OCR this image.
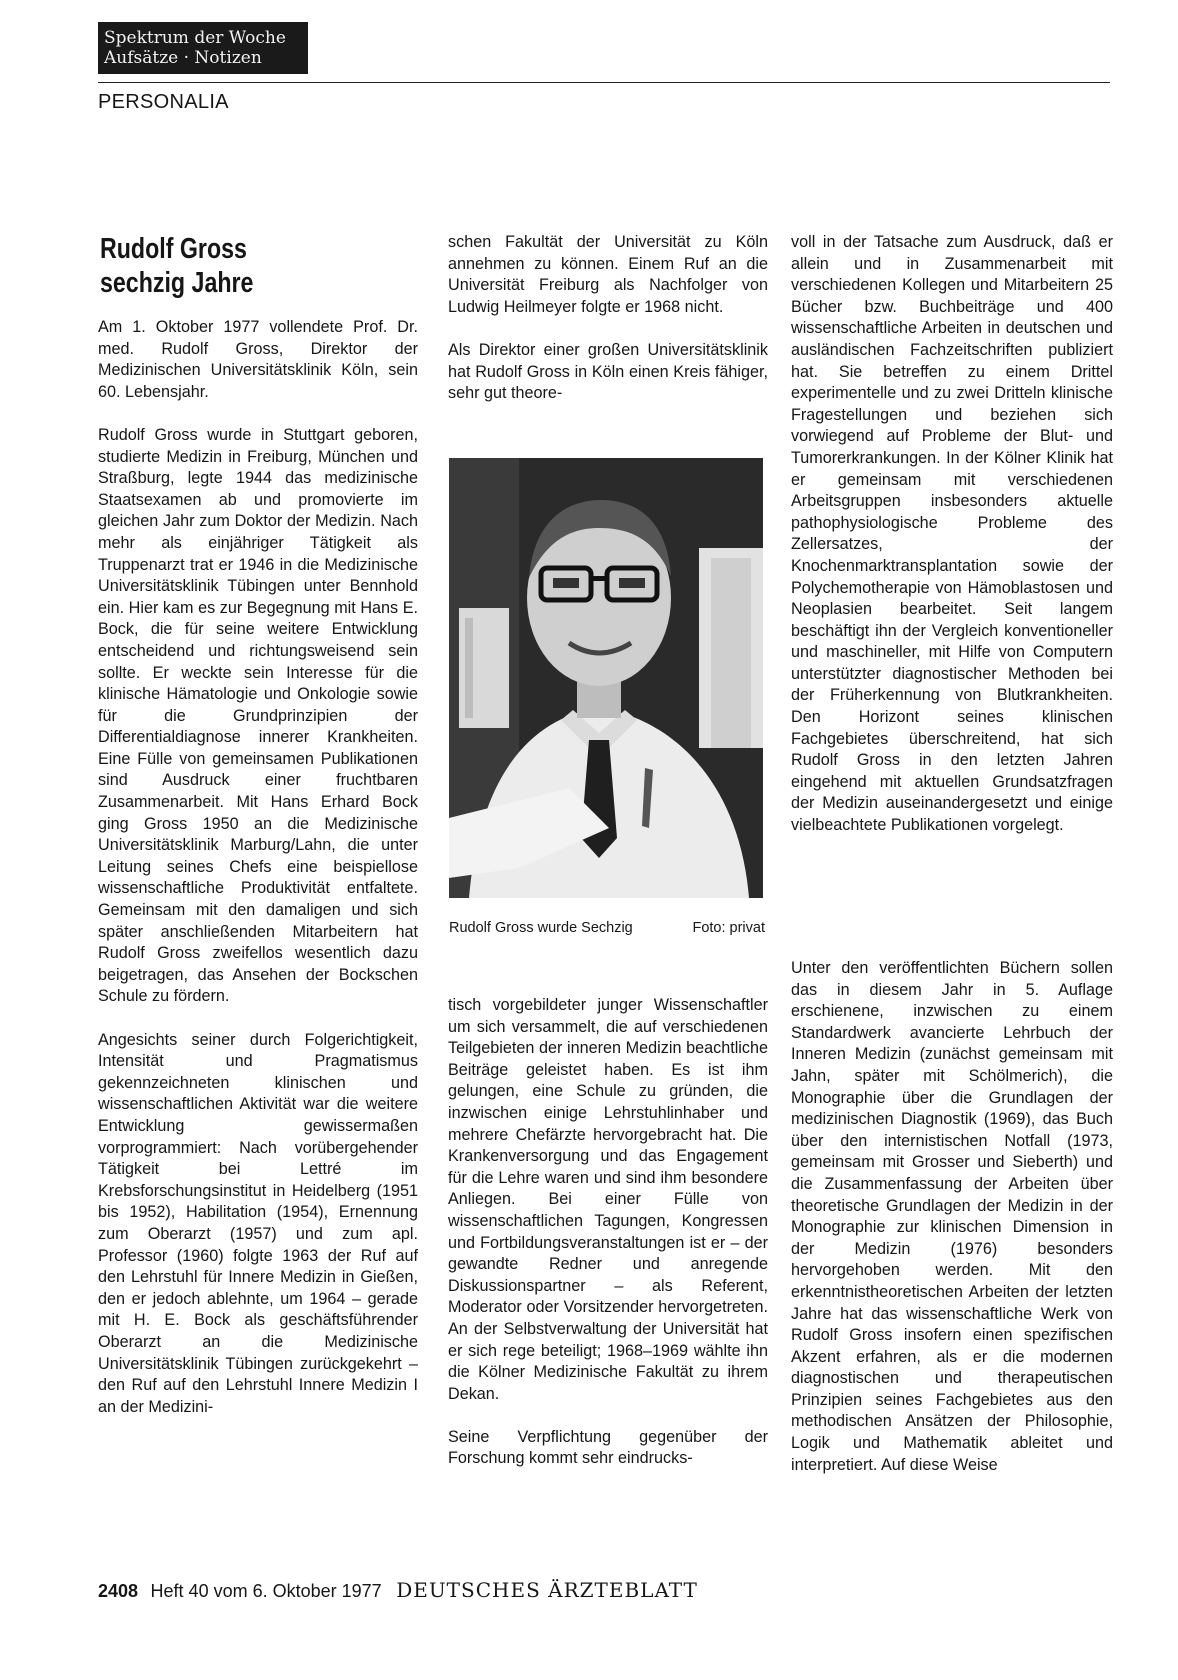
Spektrum der Woche
Aufsätze · Notizen
PERSONALIA
Rudolf Gross
sechzig Jahre

Am 1. Oktober 1977 vollendete Prof. Dr. med. Rudolf Gross, Direktor der Medizinischen Universitätsklinik Köln, sein 60. Lebensjahr.

Rudolf Gross wurde in Stuttgart geboren, studierte Medizin in Freiburg, München und Straßburg, legte 1944 das medizinische Staatsexamen ab und promovierte im gleichen Jahr zum Doktor der Medizin. Nach mehr als einjähriger Tätigkeit als Truppenarzt trat er 1946 in die Medizinische Universitätsklinik Tübingen unter Bennhold ein. Hier kam es zur Begegnung mit Hans E. Bock, die für seine weitere Entwicklung entscheidend und richtungsweisend sein sollte. Er weckte sein Interesse für die klinische Hämatologie und Onkologie sowie für die Grundprinzipien der Differentialdiagnose innerer Krankheiten. Eine Fülle von gemeinsamen Publikationen sind Ausdruck einer fruchtbaren Zusammenarbeit. Mit Hans Erhard Bock ging Gross 1950 an die Medizinische Universitätsklinik Marburg/Lahn, die unter Leitung seines Chefs eine beispiellose wissenschaftliche Produktivität entfaltete. Gemeinsam mit den damaligen und sich später anschließenden Mitarbeitern hat Rudolf Gross zweifellos wesentlich dazu beigetragen, das Ansehen der Bockschen Schule zu fördern.

Angesichts seiner durch Folgerichtigkeit, Intensität und Pragmatismus gekennzeichneten klinischen und wissenschaftlichen Aktivität war die weitere Entwicklung gewissermaßen vorprogrammiert: Nach vorübergehender Tätigkeit bei Lettré im Krebsforschungsinstitut in Heidelberg (1951 bis 1952), Habilitation (1954), Ernennung zum Oberarzt (1957) und zum apl. Professor (1960) folgte 1963 der Ruf auf den Lehrstuhl für Innere Medizin in Gießen, den er jedoch ablehnte, um 1964 – gerade mit H. E. Bock als geschäftsführender Oberarzt an die Medizinische Universitätsklinik Tübingen zurückgekehrt – den Ruf auf den Lehrstuhl Innere Medizin I an der Medizini-

schen Fakultät der Universität zu Köln annehmen zu können. Einem Ruf an die Universität Freiburg als Nachfolger von Ludwig Heilmeyer folgte er 1968 nicht.

Als Direktor einer großen Universitätsklinik hat Rudolf Gross in Köln einen Kreis fähiger, sehr gut theore-

Rudolf Gross wurde Sechzig	Foto: privat

tisch vorgebildeter junger Wissenschaftler um sich versammelt, die auf verschiedenen Teilgebieten der inneren Medizin beachtliche Beiträge geleistet haben. Es ist ihm gelungen, eine Schule zu gründen, die inzwischen einige Lehrstuhlinhaber und mehrere Chefärzte hervorgebracht hat. Die Krankenversorgung und das Engagement für die Lehre waren und sind ihm besondere Anliegen. Bei einer Fülle von wissenschaftlichen Tagungen, Kongressen und Fortbildungsveranstaltungen ist er – der gewandte Redner und anregende Diskussionspartner – als Referent, Moderator oder Vorsitzender hervorgetreten. An der Selbstverwaltung der Universität hat er sich rege beteiligt; 1968–1969 wählte ihn die Kölner Medizinische Fakultät zu ihrem Dekan.

Seine Verpflichtung gegenüber der Forschung kommt sehr eindrucks-

voll in der Tatsache zum Ausdruck, daß er allein und in Zusammenarbeit mit verschiedenen Kollegen und Mitarbeitern 25 Bücher bzw. Buchbeiträge und 400 wissenschaftliche Arbeiten in deutschen und ausländischen Fachzeitschriften publiziert hat. Sie betreffen zu einem Drittel experimentelle und zu zwei Dritteln klinische Fragestellungen und beziehen sich vorwiegend auf Probleme der Blut- und Tumorerkrankungen. In der Kölner Klinik hat er gemeinsam mit verschiedenen Arbeitsgruppen insbesonders aktuelle pathophysiologische Probleme des Zellersatzes, der Knochenmarktransplantation sowie der Polychemotherapie von Hämoblastosen und Neoplasien bearbeitet. Seit langem beschäftigt ihn der Vergleich konventioneller und maschineller, mit Hilfe von Computern unterstützter diagnostischer Methoden bei der Früherkennung von Blutkrankheiten. Den Horizont seines klinischen Fachgebietes überschreitend, hat sich Rudolf Gross in den letzten Jahren eingehend mit aktuellen Grundsatzfragen der Medizin auseinandergesetzt und einige vielbeachtete Publikationen vorgelegt.

Unter den veröffentlichten Büchern sollen das in diesem Jahr in 5. Auflage erschienene, inzwischen zu einem Standardwerk avancierte Lehrbuch der Inneren Medizin (zunächst gemeinsam mit Jahn, später mit Schölmerich), die Monographie über die Grundlagen der medizinischen Diagnostik (1969), das Buch über den internistischen Notfall (1973, gemeinsam mit Grosser und Sieberth) und die Zusammenfassung der Arbeiten über theoretische Grundlagen der Medizin in der Monographie zur klinischen Dimension in der Medizin (1976) besonders hervorgehoben werden. Mit den erkenntnistheoretischen Arbeiten der letzten Jahre hat das wissenschaftliche Werk von Rudolf Gross insofern einen spezifischen Akzent erfahren, als er die modernen diagnostischen und therapeutischen Prinzipien seines Fachgebietes aus den methodischen Ansätzen der Philosophie, Logik und Mathematik ableitet und interpretiert. Auf diese Weise

2408 Heft 40 vom 6. Oktober 1977 DEUTSCHES ÄRZTEBLATT
